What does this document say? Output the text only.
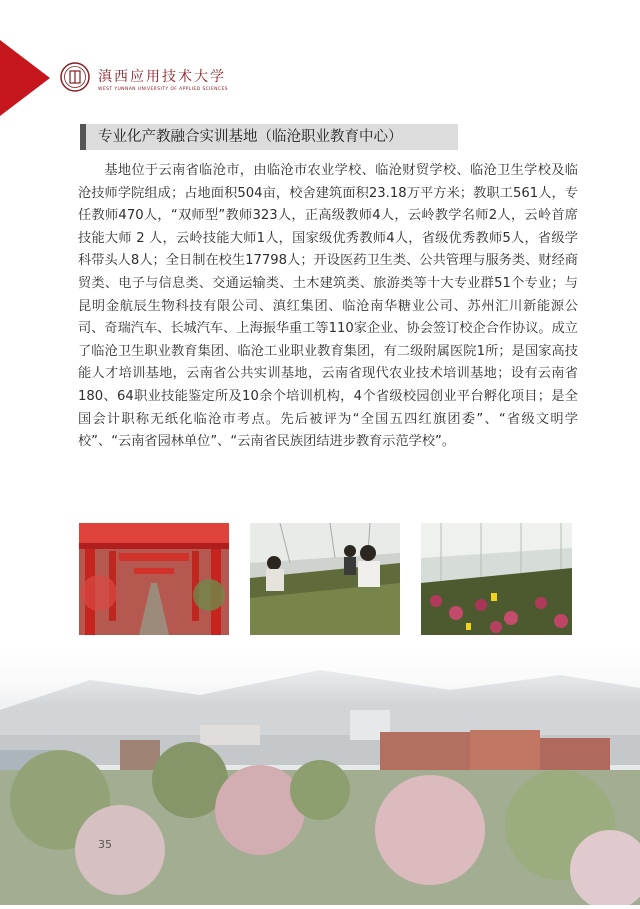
滇西应用技术大学
WEST YUNNAN UNIVERSITY OF APPLIED SCIENCES
专业化产教融合实训基地（临沧职业教育中心）

基地位于云南省临沧市，由临沧市农业学校、临沧财贸学校、临沧卫生学校及临沧技师学院组成；占地面积504亩，校舍建筑面积23.18万平方米；教职工561人，专任教师470人，“双师型”教师323人，正高级教师4人，云岭教学名师2人，云岭首席技能大师 2 人，云岭技能大师1人，国家级优秀教师4人，省级优秀教师5人，省级学科带头人8人；全日制在校生17798人；开设医药卫生类、公共管理与服务类、财经商贸类、电子与信息类、交通运输类、土木建筑类、旅游类等十大专业群51个专业；与昆明金航辰生物科技有限公司、滇红集团、临沧南华糖业公司、苏州汇川新能源公司、奇瑞汽车、长城汽车、上海振华重工等110家企业、协会签订校企合作协议。成立了临沧卫生职业教育集团、临沧工业职业教育集团，有二级附属医院1所；是国家高技能人才培训基地，云南省公共实训基地，云南省现代农业技术培训基地；设有云南省180、64职业技能鉴定所及10余个培训机构，4个省级校园创业平台孵化项目；是全国会计职称无纸化临沧市考点。先后被评为“全国五四红旗团委”、“省级文明学校”、“云南省园林单位”、“云南省民族团结进步教育示范学校”。

35
